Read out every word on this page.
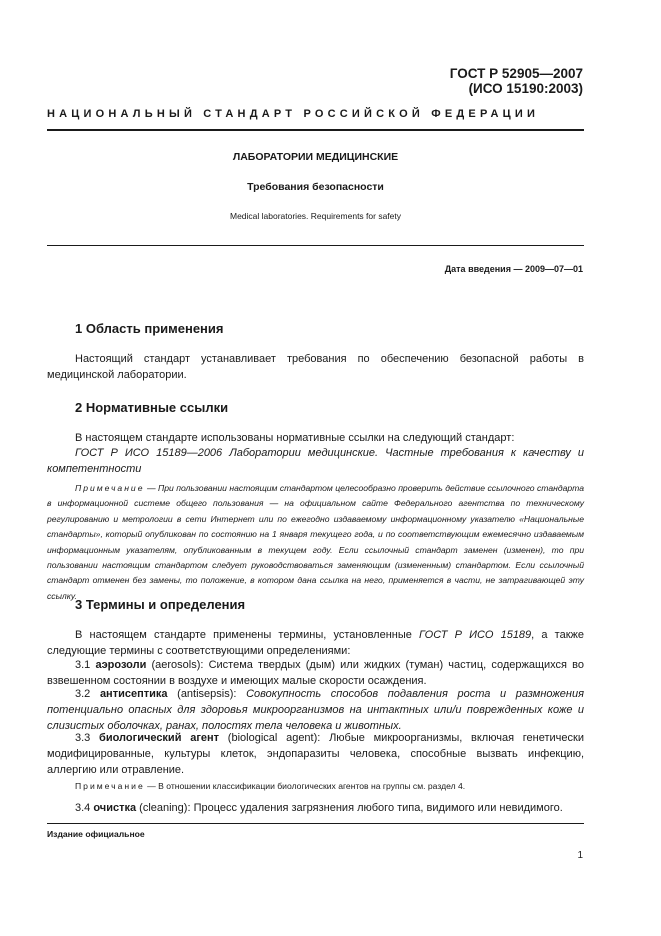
ГОСТ Р 52905—2007
(ИСО 15190:2003)
НАЦИОНАЛЬНЫЙ СТАНДАРТ РОССИЙСКОЙ ФЕДЕРАЦИИ
ЛАБОРАТОРИИ МЕДИЦИНСКИЕ
Требования безопасности
Medical laboratories. Requirements for safety
Дата введения — 2009—07—01
1 Область применения

Настоящий стандарт устанавливает требования по обеспечению безопасной работы в медицинской лаборатории.

2 Нормативные ссылки

В настоящем стандарте использованы нормативные ссылки на следующий стандарт:

ГОСТ Р ИСО 15189—2006 Лаборатории медицинские. Частные требования к качеству и компетентности

Примечание — При пользовании настоящим стандартом целесообразно проверить действие ссылочного стандарта в информационной системе общего пользования — на официальном сайте Федерального агентства по техническому регулированию и метрологии в сети Интернет или по ежегодно издаваемому информационному указателю «Национальные стандарты», который опубликован по состоянию на 1 января текущего года, и по соответствующим ежемесячно издаваемым информационным указателям, опубликованным в текущем году. Если ссылочный стандарт заменен (изменен), то при пользовании настоящим стандартом следует руководствоваться заменяющим (измененным) стандартом. Если ссылочный стандарт отменен без замены, то положение, в котором дана ссылка на него, применяется в части, не затрагивающей эту ссылку.

3 Термины и определения

В настоящем стандарте применены термины, установленные ГОСТ Р ИСО 15189, а также следующие термины с соответствующими определениями:

3.1 аэрозоли (aerosols): Система твердых (дым) или жидких (туман) частиц, содержащихся во взвешенном состоянии в воздухе и имеющих малые скорости осаждения.

3.2 антисептика (antisepsis): Совокупность способов подавления роста и размножения потенциально опасных для здоровья микроорганизмов на интактных или/и поврежденных коже и слизистых оболочках, ранах, полостях тела человека и животных.

3.3 биологический агент (biological agent): Любые микроорганизмы, включая генетически модифицированные, культуры клеток, эндопаразиты человека, способные вызвать инфекцию, аллергию или отравление.

Примечание — В отношении классификации биологических агентов на группы см. раздел 4.

3.4 очистка (cleaning): Процесс удаления загрязнения любого типа, видимого или невидимого.

Издание официальное
1
